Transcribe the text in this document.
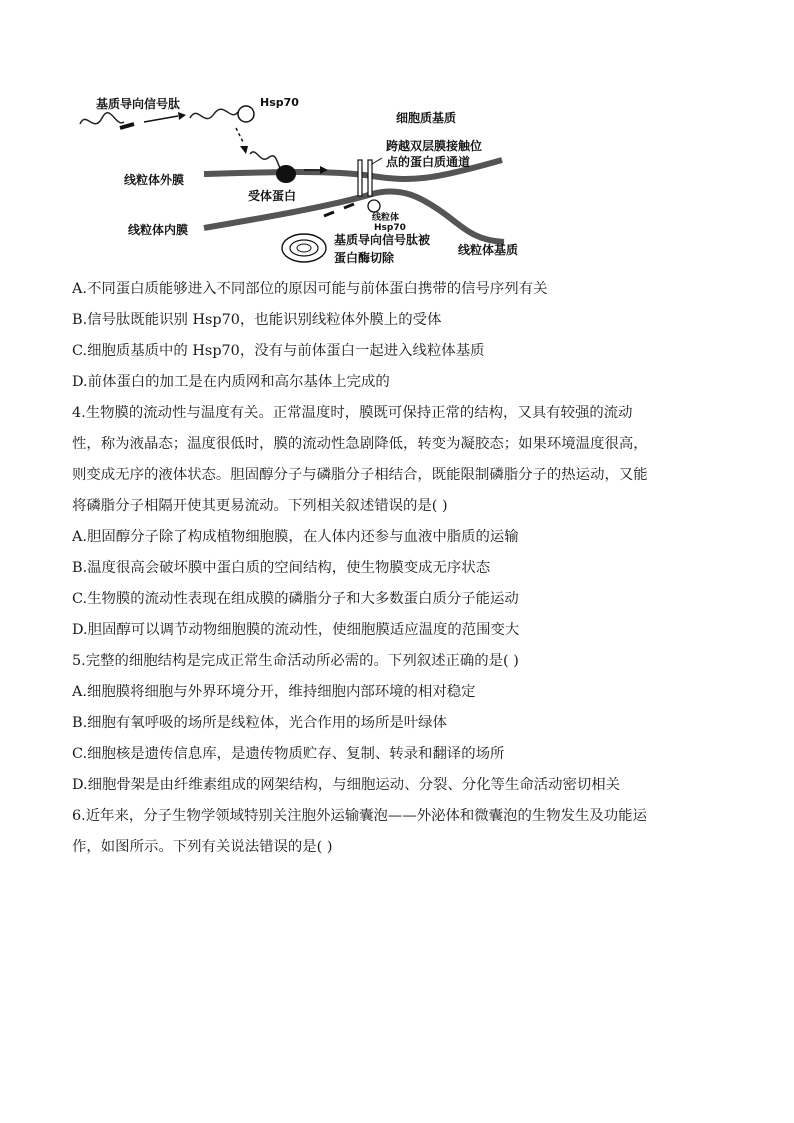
基质导向信号肽	Hsp70
细胞质基质
跨越双层膜接触位
点的蛋白质通道
线粒体外膜
受体蛋白
线粒体
Hsp70
线粒体内膜
基质导向信号肽被
蛋白酶切除
线粒体基质
A.不同蛋白质能够进入不同部位的原因可能与前体蛋白携带的信号序列有关
B.信号肽既能识别 Hsp70，也能识别线粒体外膜上的受体
C.细胞质基质中的 Hsp70，没有与前体蛋白一起进入线粒体基质
D.前体蛋白的加工是在内质网和高尔基体上完成的
4.生物膜的流动性与温度有关。正常温度时，膜既可保持正常的结构，又具有较强的流动
性，称为液晶态；温度很低时，膜的流动性急剧降低，转变为凝胶态；如果环境温度很高，
则变成无序的液体状态。胆固醇分子与磷脂分子相结合，既能限制磷脂分子的热运动，又能
将磷脂分子相隔开使其更易流动。下列相关叙述错误的是( )
A.胆固醇分子除了构成植物细胞膜，在人体内还参与血液中脂质的运输
B.温度很高会破坏膜中蛋白质的空间结构，使生物膜变成无序状态
C.生物膜的流动性表现在组成膜的磷脂分子和大多数蛋白质分子能运动
D.胆固醇可以调节动物细胞膜的流动性，使细胞膜适应温度的范围变大
5.完整的细胞结构是完成正常生命活动所必需的。下列叙述正确的是( )
A.细胞膜将细胞与外界环境分开，维持细胞内部环境的相对稳定
B.细胞有氧呼吸的场所是线粒体，光合作用的场所是叶绿体
C.细胞核是遗传信息库，是遗传物质贮存、复制、转录和翻译的场所
D.细胞骨架是由纤维素组成的网架结构，与细胞运动、分裂、分化等生命活动密切相关
6.近年来，分子生物学领域特别关注胞外运输囊泡——外泌体和微囊泡的生物发生及功能运
作，如图所示。下列有关说法错误的是( )
